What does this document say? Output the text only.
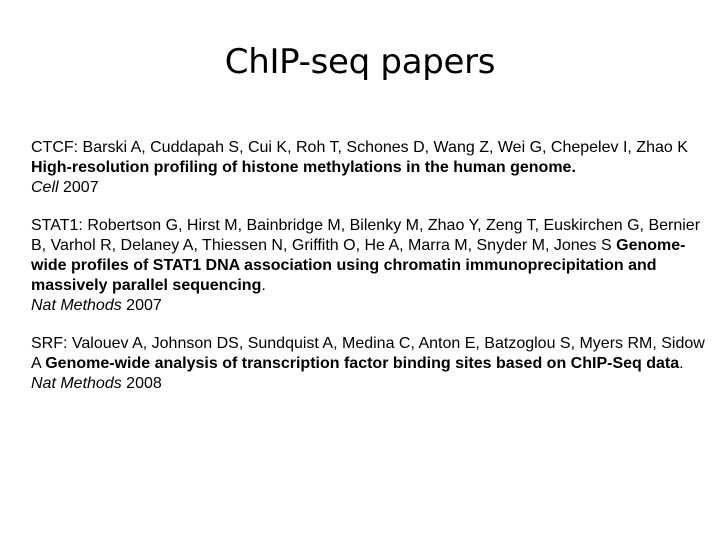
ChIP-seq papers

CTCF: Barski A, Cuddapah S, Cui K, Roh T, Schones D, Wang Z, Wei G, Chepelev I, Zhao K High-resolution profiling of histone methylations in the human genome.

Cell 2007

STAT1: Robertson G, Hirst M, Bainbridge M, Bilenky M, Zhao Y, Zeng T, Euskirchen G, Bernier B, Varhol R, Delaney A, Thiessen N, Griffith O, He A, Marra M, Snyder M, Jones S Genome-wide profiles of STAT1 DNA association using chromatin immunoprecipitation and massively parallel sequencing.

Nat Methods 2007

SRF: Valouev A, Johnson DS, Sundquist A, Medina C, Anton E, Batzoglou S, Myers RM, Sidow A Genome-wide analysis of transcription factor binding sites based on ChIP-Seq data.

Nat Methods 2008
